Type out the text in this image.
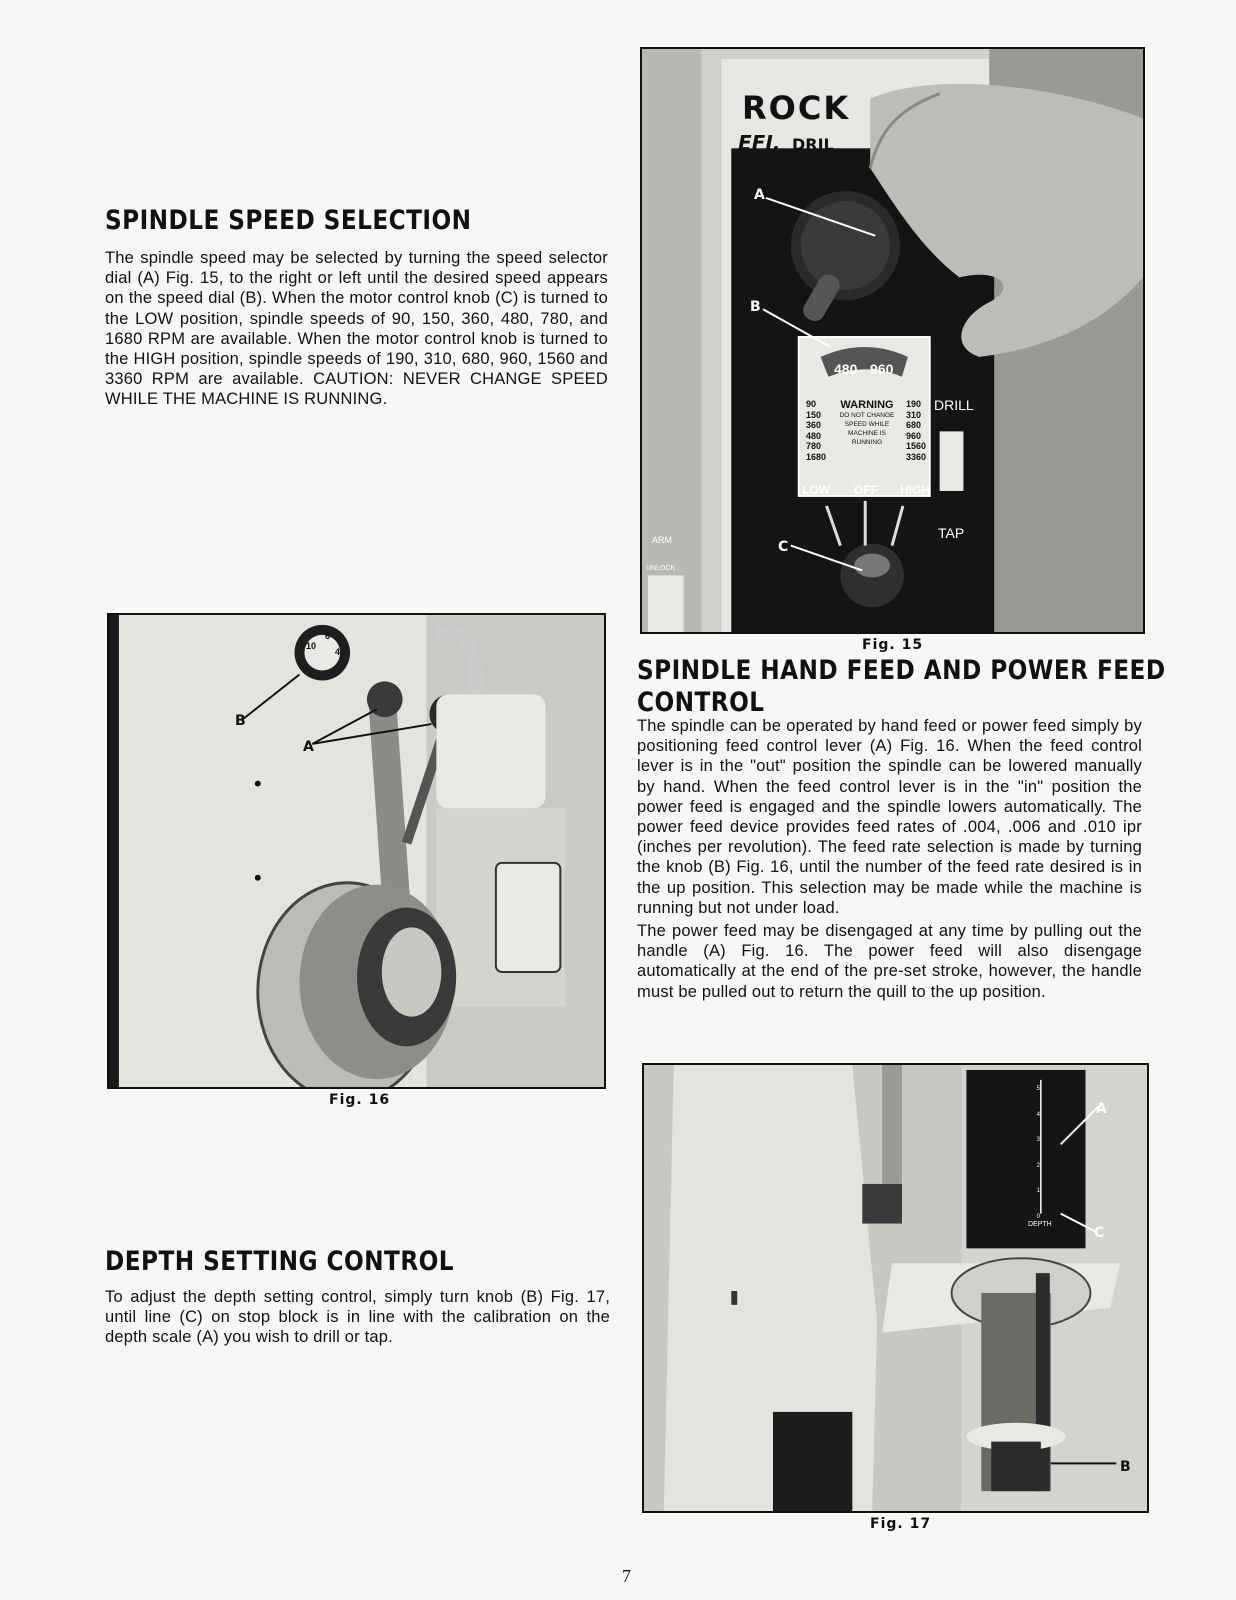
SPINDLE SPEED SELECTION

The spindle speed may be selected by turning the speed selector dial (A) Fig. 15, to the right or left until the desired speed appears on the speed dial (B). When the motor control knob (C) is turned to the LOW position, spindle speeds of 90, 150, 360, 480, 780, and 1680 RPM are available. When the motor control knob is turned to the HIGH position, spindle speeds of 190, 310, 680, 960, 1560 and 3360 RPM are available. CAUTION: NEVER CHANGE SPEED WHILE THE MACHINE IS RUNNING.

ROCK
EFI. DRIL
A
B
C
480 960
90
150
360
480
780
1680
190
310
680
960
1560
3360
WARNING
DO NOT CHANGE
SPEED WHILE
MACHINE IS
RUNNING
LOW OFF HIGH
DRILL
TAP
ARM
UNLOCK
Fig. 15
SPINDLE HAND FEED AND POWER FEED
CONTROL

The spindle can be operated by hand feed or power feed simply by positioning feed control lever (A) Fig. 16. When the feed control lever is in the "out" position the spindle can be lowered manually by hand. When the feed control lever is in the "in" position the power feed is engaged and the spindle lowers automatically. The power feed device provides feed rates of .004, .006 and .010 ipr (inches per revolution). The feed rate selection is made by turning the knob (B) Fig. 16, until the number of the feed rate desired is in the up position. This selection may be made while the machine is running but not under load.

The power feed may be disengaged at any time by pulling out the handle (A) Fig. 16. The power feed will also disengage automatically at the end of the pre-set stroke, however, the handle must be pulled out to return the quill to the up position.

10
6
4
B
A
Fig. 16
DEPTH SETTING CONTROL

To adjust the depth setting control, simply turn knob (B) Fig. 17, until line (C) on stop block is in line with the calibration on the depth scale (A) you wish to drill or tap.

5
4
3
2
1
0
DEPTH
A
C
B
Fig. 17
7
